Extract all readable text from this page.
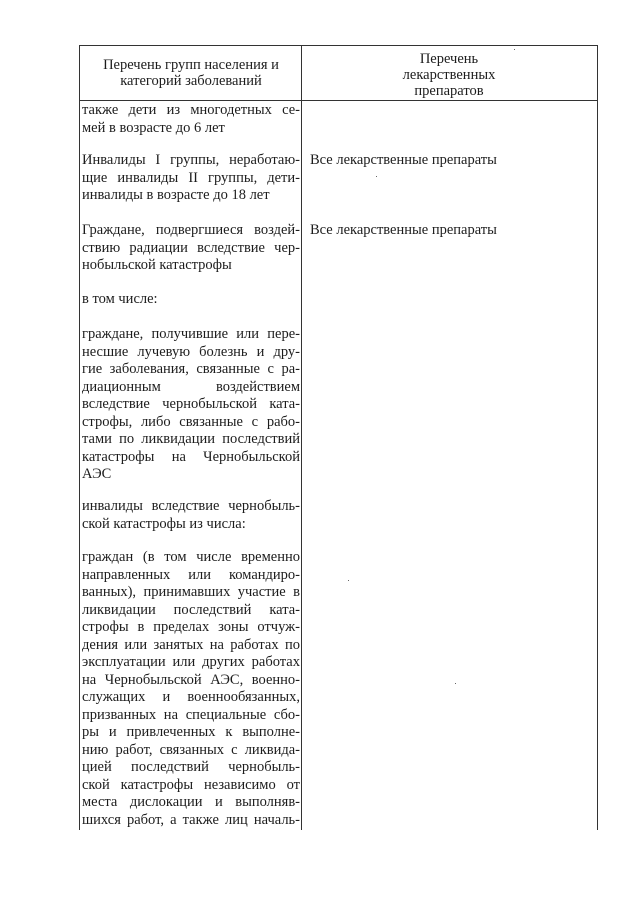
Перечень групп населения и
категорий заболеваний
Перечень
лекарственных
препаратов
также дети из многодетных се-
мей в возрасте до 6 лет
Инвалиды I группы, неработаю-
щие инвалиды II группы, дети-
инвалиды в возрасте до 18 лет
Граждане, подвергшиеся воздей-
ствию радиации вследствие чер-
нобыльской катастрофы
в том числе:
граждане, получившие или пере-
несшие лучевую болезнь и дру-
гие заболевания, связанные с ра-
диационным воздействием
вследствие чернобыльской ката-
строфы, либо связанные с рабо-
тами по ликвидации последствий
катастрофы на Чернобыльской
АЭС
инвалиды вследствие чернобыль-
ской катастрофы из числа:
граждан (в том числе временно
направленных или командиро-
ванных), принимавших участие в
ликвидации последствий ката-
строфы в пределах зоны отчуж-
дения или занятых на работах по
эксплуатации или других работах
на Чернобыльской АЭС, военно-
служащих и военнообязанных,
призванных на специальные сбо-
ры и привлеченных к выполне-
нию работ, связанных с ликвида-
цией последствий чернобыль-
ской катастрофы независимо от
места дислокации и выполняв-
шихся работ, а также лиц началь-
Все лекарственные препараты
Все лекарственные препараты
